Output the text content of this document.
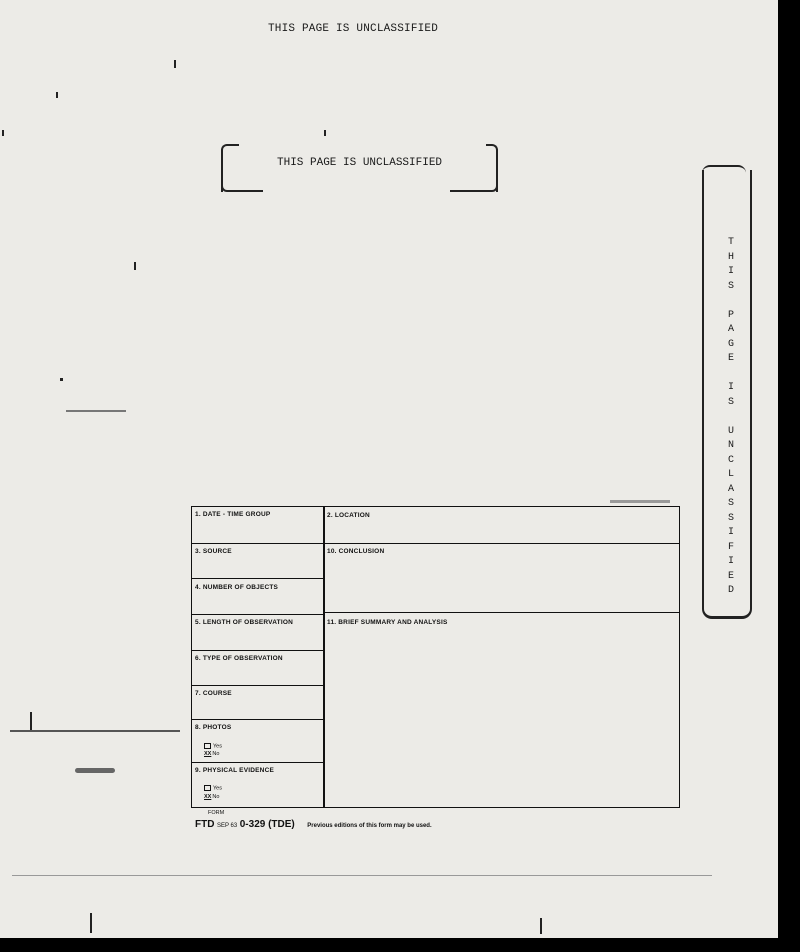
THIS PAGE IS UNCLASSIFIED
THIS PAGE IS UNCLASSIFIED
T
H
I
S
P
A
G
E
I
S
U
N
C
L
A
S
S
I
F
I
E
D
1. DATE - TIME GROUP	2. LOCATION
3. SOURCE	10. CONCLUSION
4. NUMBER OF OBJECTS
5. LENGTH OF OBSERVATION	11. BRIEF SUMMARY AND ANALYSIS
6. TYPE OF OBSERVATION
7. COURSE
8. PHOTOS
Yes
XXNo
9. PHYSICAL EVIDENCE
Yes
XXNo
FORM
FTD SEP 63 0-329 (TDE) Previous editions of this form may be used.
